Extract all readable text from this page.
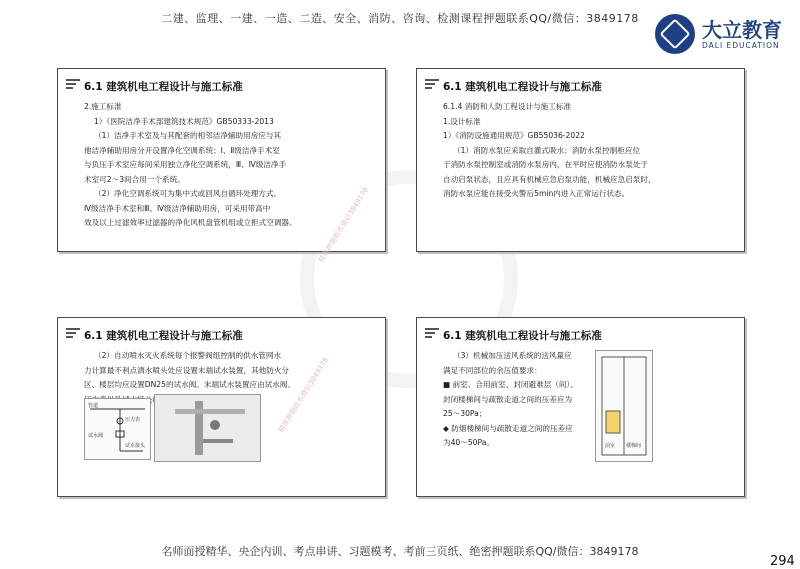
二建、监理、一建、一造、二造、安全、消防、咨询、检测课程押题联系QQ/微信：3849178	大立教育
DALI EDUCATION
6.1 建筑机电工程设计与施工标准

2.施工标准

1）《医院洁净手术部建筑技术规范》GB50333-2013

（1）洁净手术室及与其配套的相邻洁净辅助用房应与其

他洁净辅助用房分开设置净化空调系统；Ⅰ、Ⅱ级洁净手术室

与负压手术室应每间采用独立净化空调系统，Ⅲ、Ⅳ级洁净手

术室可2～3间合用一个系统。

（2）净化空调系统可为集中式或回风自循环处理方式。

Ⅳ级洁净手术室和Ⅲ、Ⅳ级洁净辅助用房，可采用带高中

效及以上过滤效率过滤器的净化风机盘管机组或立柜式空调器。

6.1 建筑机电工程设计与施工标准

6.1.4 消防和人防工程设计与施工标准

1.设计标准

1）《消防设施通用规范》GB55036-2022

（1）消防水泵应采取自灌式吸水；消防水泵控制柜应位

于消防水泵控制室或消防水泵房内，在平时应使消防水泵处于

自动启泵状态，且应具有机械应急启泵功能，机械应急启泵时，

消防水泵应能在接受火警后5min内进入正常运行状态。

6.1 建筑机电工程设计与施工标准

（2）自动喷水灭火系统每个报警阀组控制的供水管网水

力计算最不利点洒水喷头处应设置末端试水装置，其他防火分

区、楼层均应设置DN25的试水阀。末端试水装置应由试水阀、

管道
试水阀
试水接头
压力表
6.1 建筑机电工程设计与施工标准

（3）机械加压送风系统的送风量应

满足不同部位的余压值要求：

■ 前室、合用前室、封闭避难层（间）、

封闭楼梯间与疏散走道之间的压差应为

25～30Pa；

◆ 防烟楼梯间与疏散走道之间的压差应

为40～50Pa。	前室 楼梯间
精准押题联系微信3849178
精准押题联系微信3849178
名师面授精华、央企内训、考点串讲、习题模考、考前三页纸、绝密押题联系QQ/微信：3849178
294
